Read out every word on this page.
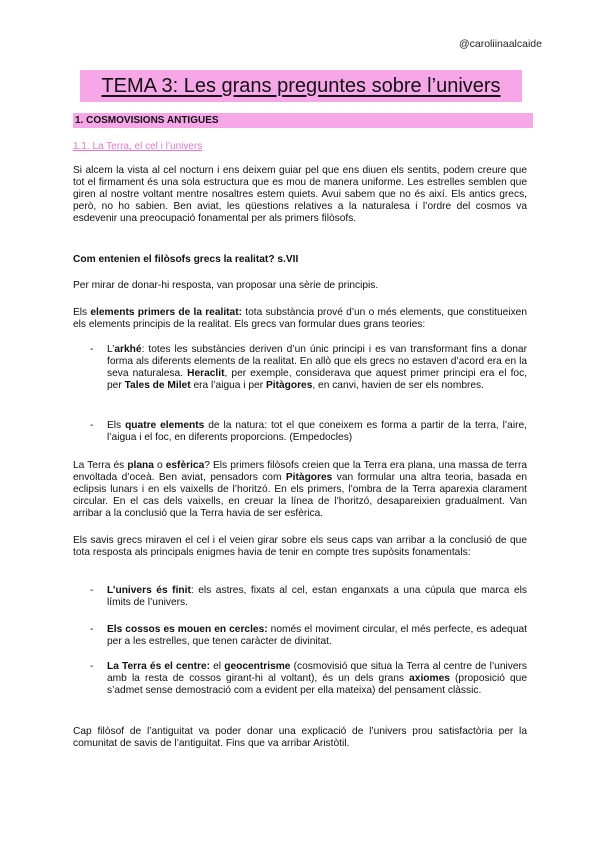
@caroliinaalcaide
TEMA 3: Les grans preguntes sobre l’univers
1. COSMOVISIONS ANTIGUES
1.1. La Terra, el cel i l’univers

Si alcem la vista al cel nocturn i ens deixem guiar pel que ens diuen els sentits, podem creure que tot el firmament és una sola estructura que es mou de manera uniforme. Les estrelles semblen que giren al nostre voltant mentre nosaltres estem quiets. Avui sabem que no és així. Els antics grecs, però, no ho sabien. Ben aviat, les qüestions relatives a la naturalesa i l’ordre del cosmos va esdevenir una preocupació fonamental per als primers filòsofs.

Com entenien el filòsofs grecs la realitat? s.VII

Per mirar de donar-hi resposta, van proposar una sèrie de principis.

Els elements primers de la realitat: tota substància prové d’un o més elements, que constitueixen els elements principis de la realitat. Els grecs van formular dues grans teories:

- L’arkhé: totes les substàncies deriven d’un únic principi i es van transformant fins a donar forma als diferents elements de la realitat. En allò que els grecs no estaven d’acord era en la seva naturalesa. Heraclit, per exemple, considerava que aquest primer principi era el foc, per Tales de Milet era l’aigua i per Pitàgores, en canvi, havien de ser els nombres.
- Els quatre elements de la natura: tot el que coneixem es forma a partir de la terra, l’aire, l’aigua i el foc, en diferents proporcions. (Empedocles)

La Terra és plana o esfèrica? Els primers filòsofs creien que la Terra era plana, una massa de terra envoltada d’oceà. Ben aviat, pensadors com Pitàgores van formular una altra teoria, basada en eclipsis lunars i en els vaixells de l’horitzó. En els primers, l’ombra de la Terra aparexia clarament circular. En el cas dels vaixells, en creuar la línea de l’horitzó, desapareixien gradualment. Van arribar a la conclusió que la Terra havia de ser esfèrica.

Els savis grecs miraven el cel i el veien girar sobre els seus caps van arribar a la conclusió de que tota resposta als principals enigmes havia de tenir en compte tres supòsits fonamentals:

- L’univers és finit: els astres, fixats al cel, estan enganxats a una cúpula que marca els límits de l’univers.
- Els cossos es mouen en cercles: només el moviment circular, el més perfecte, es adequat per a les estrelles, que tenen caràcter de divinitat.
- La Terra és el centre: el geocentrisme (cosmovisió que situa la Terra al centre de l’univers amb la resta de cossos girant-hi al voltant), és un dels grans axiomes (proposició que s’admet sense demostració com a evident per ella mateixa) del pensament clàssic.

Cap filòsof de l’antiguitat va poder donar una explicació de l’univers prou satisfactòria per la comunitat de savis de l’antiguitat. Fins que va arribar Aristòtil.
